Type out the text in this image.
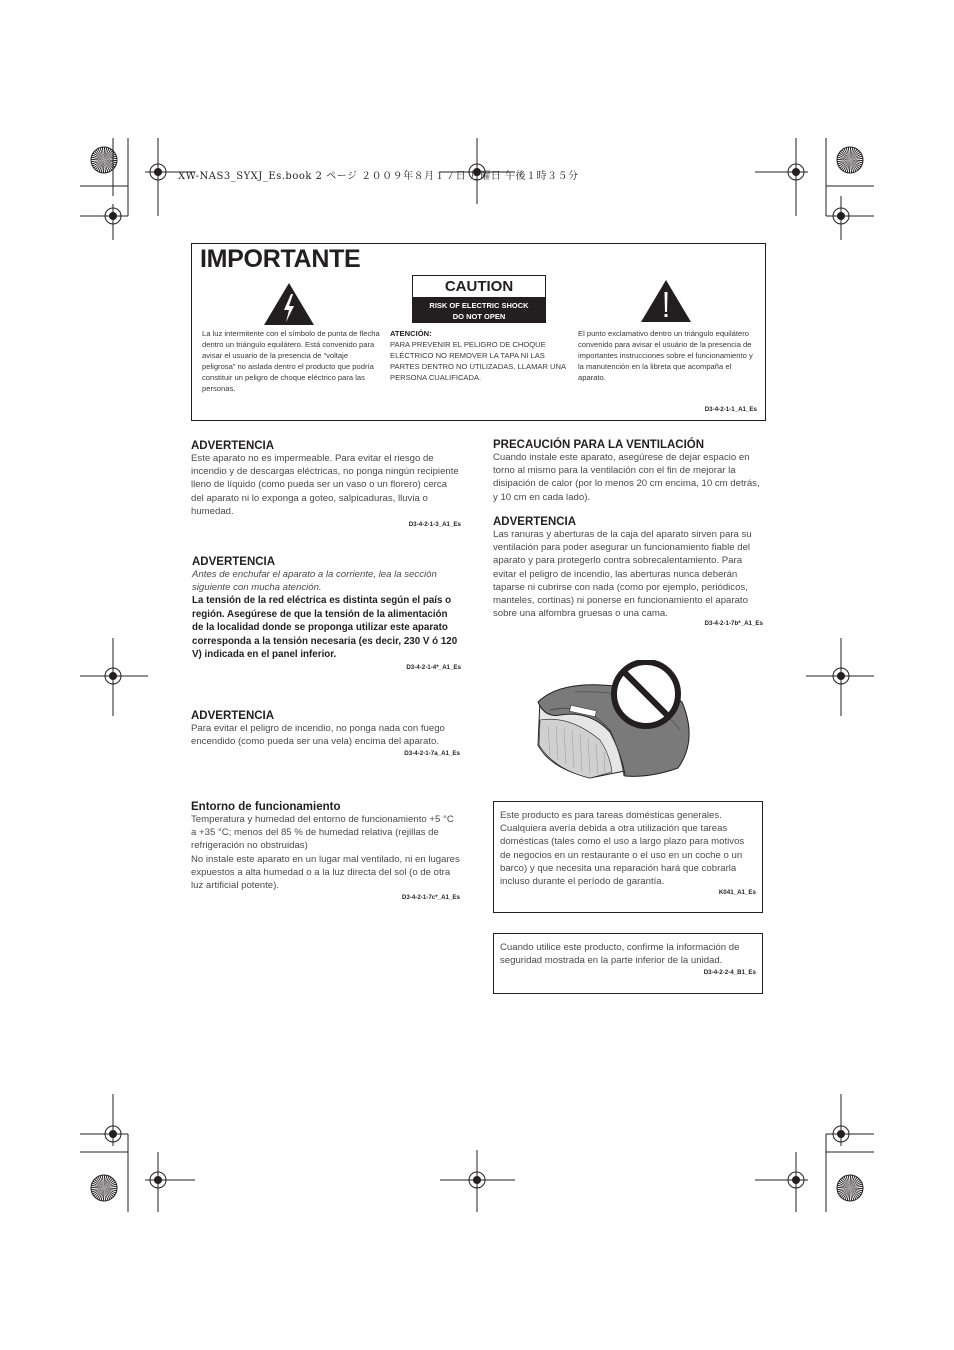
XW-NAS3_SYXJ_Es.book 2 ページ ２００９年８月１７日 月曜日 午後１時３５分
IMPORTANTE
CAUTION
RISK OF ELECTRIC SHOCK
DO NOT OPEN
La luz intermitente con el símbolo de punta de flecha dentro un triángulo equilátero. Está convenido para avisar el usuario de la presencia de “voltaje peligrosa” no aislada dentro el producto que podría constituir un peligro de choque eléctrico para las personas.
ATENCIÓN:
PARA PREVENIR EL PELIGRO DE CHOQUE ELÉCTRICO NO REMOVER LA TAPA NI LAS PARTES DENTRO NO UTILIZADAS, LLAMAR UNA PERSONA CUALIFICADA.
El punto exclamativo dentro un triángulo equilátero convenido para avisar el usuário de la presencia de importantes instrucciones sobre el funcionamiento y la manutención en la libreta que acompaña el aparato.
D3-4-2-1-1_A1_Es
ADVERTENCIA
Este aparato no es impermeable. Para evitar el riesgo de incendio y de descargas eléctricas, no ponga ningún recipiente lleno de líquido (como pueda ser un vaso o un florero) cerca del aparato ni lo exponga a goteo, salpicaduras, lluvia o humedad.
D3-4-2-1-3_A1_Es
ADVERTENCIA
Antes de enchufar el aparato a la corriente, lea la sección siguiente con mucha atención.
La tensión de la red eléctrica es distinta según el país o región. Asegúrese de que la tensión de la alimentación de la localidad donde se proponga utilizar este aparato corresponda a la tensión necesaria (es decir, 230 V ó 120 V) indicada en el panel inferior.
D3-4-2-1-4*_A1_Es
ADVERTENCIA
Para evitar el peligro de incendio, no ponga nada con fuego encendido (como pueda ser una vela) encima del aparato.
D3-4-2-1-7a_A1_Es
Entorno de funcionamiento
Temperatura y humedad del entorno de funcionamiento +5 °C a +35 °C; menos del 85 % de humedad relativa (rejillas de refrigeración no obstruidas)
No instale este aparato en un lugar mal ventilado, ni en lugares expuestos a alta humedad o a la luz directa del sol (o de otra luz artificial potente).
D3-4-2-1-7c*_A1_Es
PRECAUCIÓN PARA LA VENTILACIÓN
Cuando instale este aparato, asegúrese de dejar espacio en torno al mismo para la ventilación con el fin de mejorar la disipación de calor (por lo menos 20 cm encima, 10 cm detrás, y 10 cm en cada lado).
ADVERTENCIA
Las ranuras y aberturas de la caja del aparato sirven para su ventilación para poder asegurar un funcionamiento fiable del aparato y para protegerlo contra sobrecalentamiento. Para evitar el peligro de incendio, las aberturas nunca deberán taparse ni cubrirse con nada (como por ejemplo, periódicos, manteles, cortinas) ni ponerse en funcionamiento el aparato sobre una alfombra gruesas o una cama.
D3-4-2-1-7b*_A1_Es
Este producto es para tareas domésticas generales. Cualquiera avería debida a otra utilización que tareas domésticas (tales como el uso a largo plazo para motivos de negocios en un restaurante o el uso en un coche o un barco) y que necesita una reparación hará que cobrarla incluso durante el período de garantía.
K041_A1_Es
Cuando utilice este producto, confirme la información de seguridad mostrada en la parte inferior de la unidad.
D3-4-2-2-4_B1_Es
